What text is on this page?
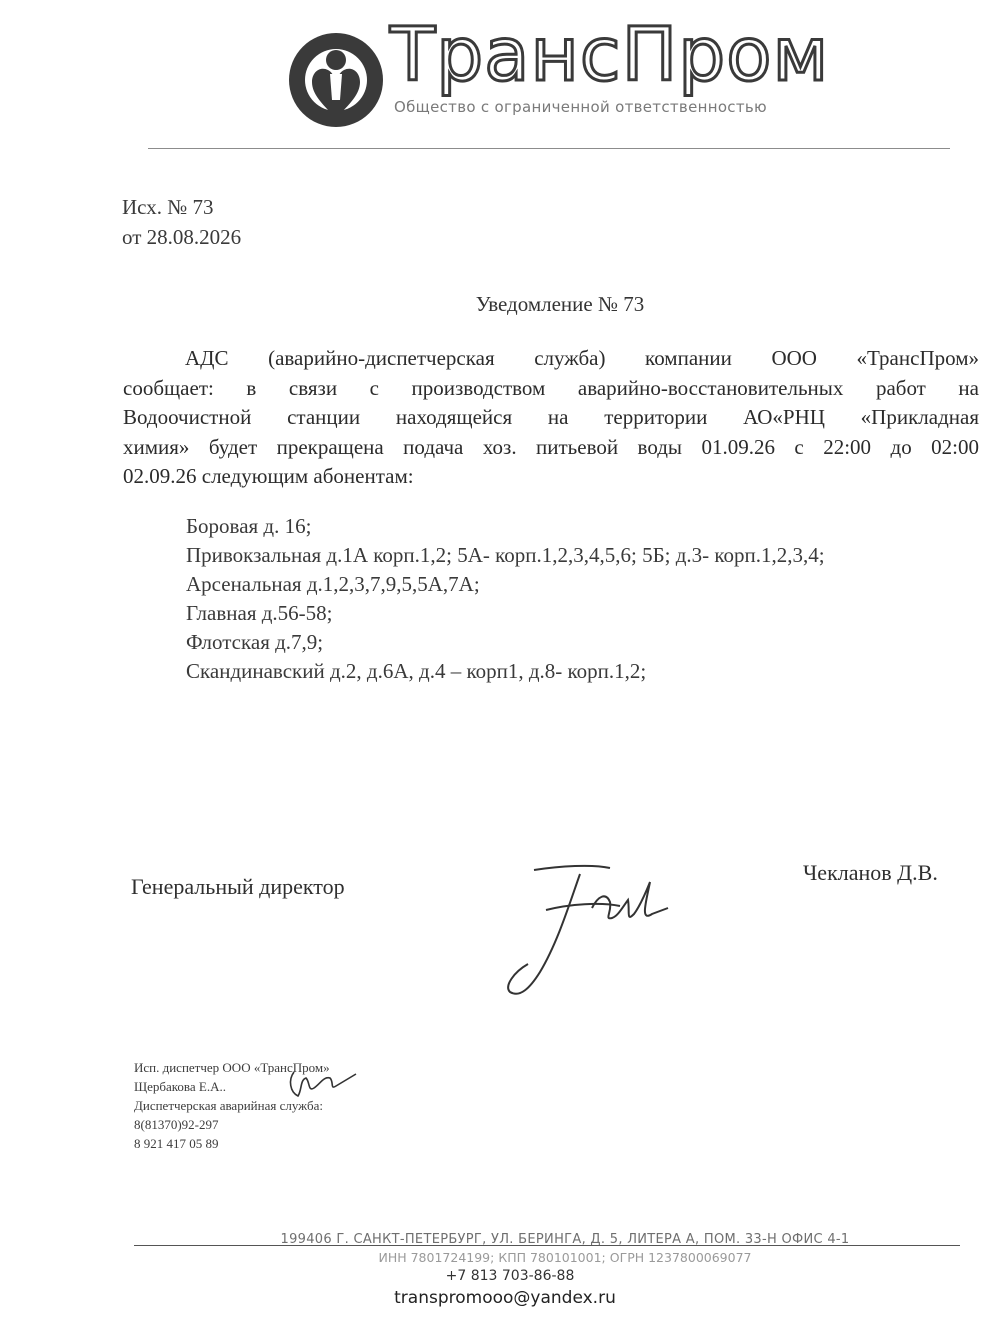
ТрансПром
Общество с ограниченной ответственностью
Исх. № 73
от 28.08.2026
Уведомление № 73
АДС (аварийно-диспетчерская служба) компании ООО «ТрансПром»
сообщает: в связи с производством аварийно-восстановительных работ на
Водоочистной станции находящейся на территории АО«РНЦ «Прикладная
химия» будет прекращена подача хоз. питьевой воды 01.09.26 с 22:00 до 02:00
02.09.26 следующим абонентам:
Боровая д. 16;
Привокзальная д.1А корп.1,2; 5А- корп.1,2,3,4,5,6; 5Б; д.3- корп.1,2,3,4;
Арсенальная д.1,2,3,7,9,5,5А,7А;
Главная д.56-58;
Флотская д.7,9;
Скандинавский д.2, д.6А, д.4 – корп1, д.8- корп.1,2;
Генеральный директор
Чекланов Д.В.
Исп. диспетчер ООО «ТрансПром»
Щербакова Е.А..
Диспетчерская аварийная служба:
8(81370)92-297
8 921 417 05 89
199406 Г. САНКТ-ПЕТЕРБУРГ, УЛ. БЕРИНГА, Д. 5, ЛИТЕРА А, ПОМ. 33-Н ОФИС 4-1
ИНН 7801724199; КПП 780101001; ОГРН 1237800069077
+7 813 703-86-88
transpromooo@yandex.ru
